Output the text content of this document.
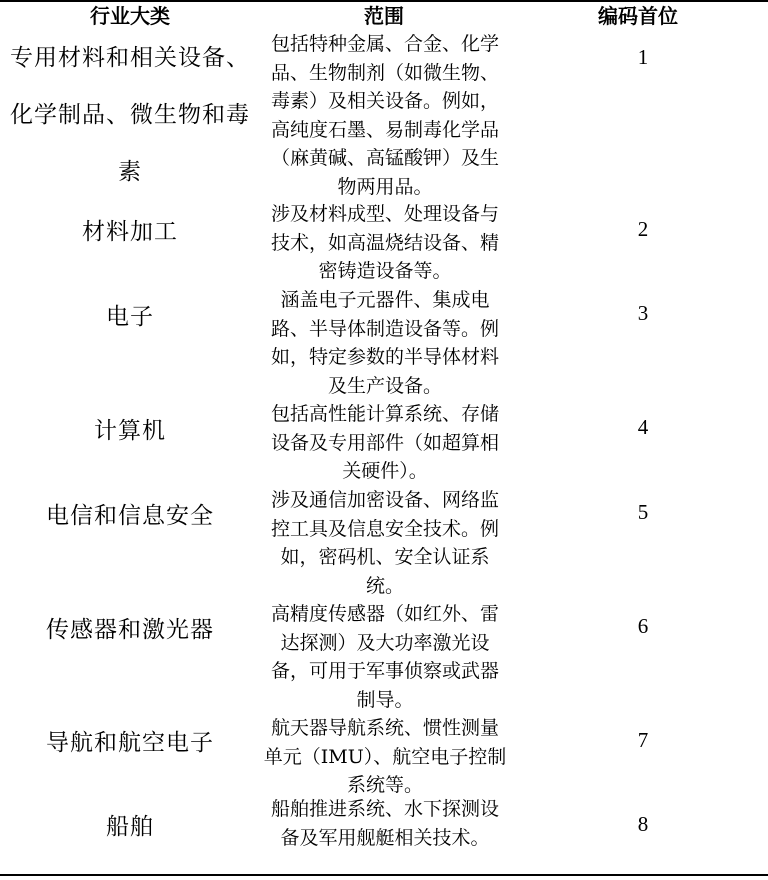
行业大类	范围	编码首位
专用材料和相关设备、化学制品、微生物和毒素
包括特种金属、合金、化学品、生物制剂（如微生物、毒素）及相关设备。例如，高纯度石墨、易制毒化学品（麻黄碱、高锰酸钾）及生物两用品。
1
材料加工
涉及材料成型、处理设备与技术，如高温烧结设备、精密铸造设备等。
2
电子
涵盖电子元器件、集成电路、半导体制造设备等。例如，特定参数的半导体材料及生产设备。
3
计算机
包括高性能计算系统、存储设备及专用部件（如超算相关硬件）。
4
电信和信息安全
涉及通信加密设备、网络监控工具及信息安全技术。例如，密码机、安全认证系统。
5
传感器和激光器
高精度传感器（如红外、雷达探测）及大功率激光设备，可用于军事侦察或武器制导。
6
导航和航空电子
航天器导航系统、惯性测量单元（IMU）、航空电子控制系统等。
7
船舶
船舶推进系统、水下探测设备及军用舰艇相关技术。
8
